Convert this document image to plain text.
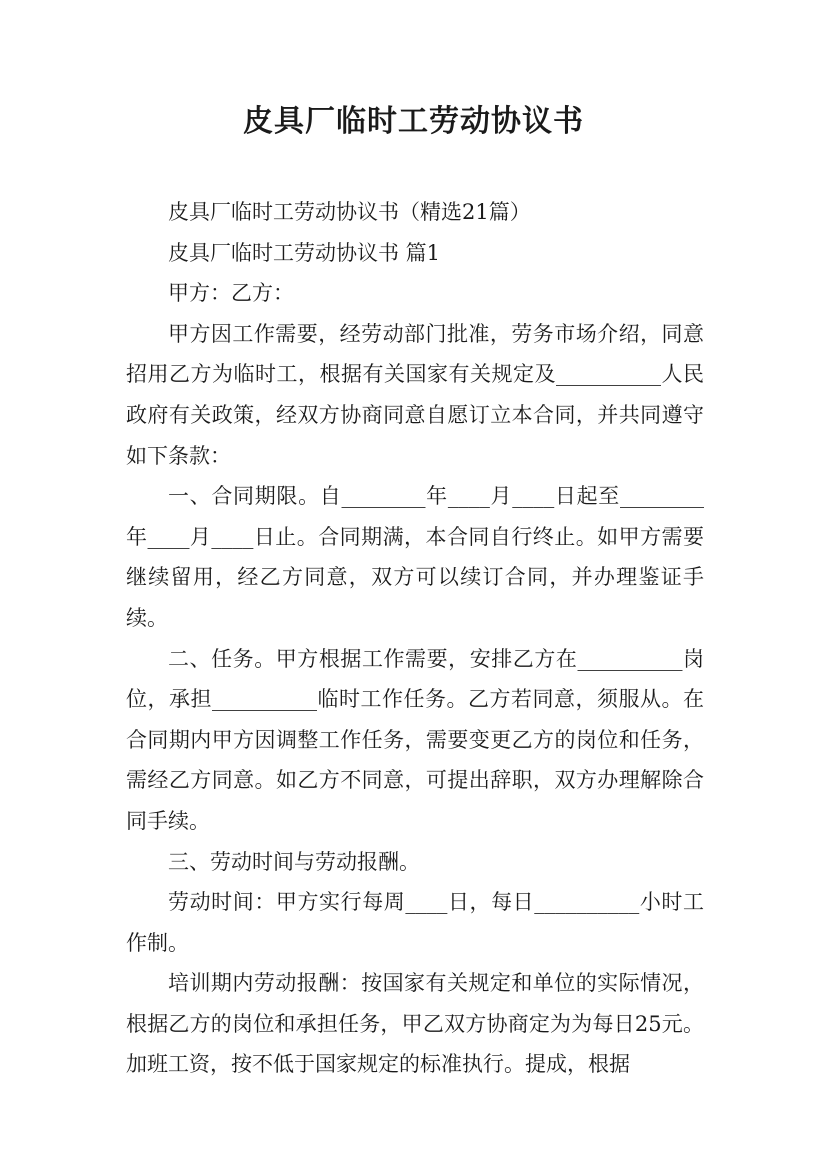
皮具厂临时工劳动协议书

皮具厂临时工劳动协议书（精选21篇）

皮具厂临时工劳动协议书 篇1

甲方：乙方：

甲方因工作需要，经劳动部门批准，劳务市场介绍，同意招用乙方为临时工，根据有关国家有关规定及__________人民政府有关政策，经双方协商同意自愿订立本合同，并共同遵守如下条款：

一、合同期限。自________年____月____日起至________年____月____日止。合同期满，本合同自行终止。如甲方需要继续留用，经乙方同意，双方可以续订合同，并办理鉴证手续。

二、任务。甲方根据工作需要，安排乙方在__________岗位，承担__________临时工作任务。乙方若同意，须服从。在合同期内甲方因调整工作任务，需要变更乙方的岗位和任务，需经乙方同意。如乙方不同意，可提出辞职，双方办理解除合同手续。

三、劳动时间与劳动报酬。

劳动时间：甲方实行每周____日，每日__________小时工作制。

培训期内劳动报酬：按国家有关规定和单位的实际情况，根据乙方的岗位和承担任务，甲乙双方协商定为为每日25元。加班工资，按不低于国家规定的标准执行。提成，根据
